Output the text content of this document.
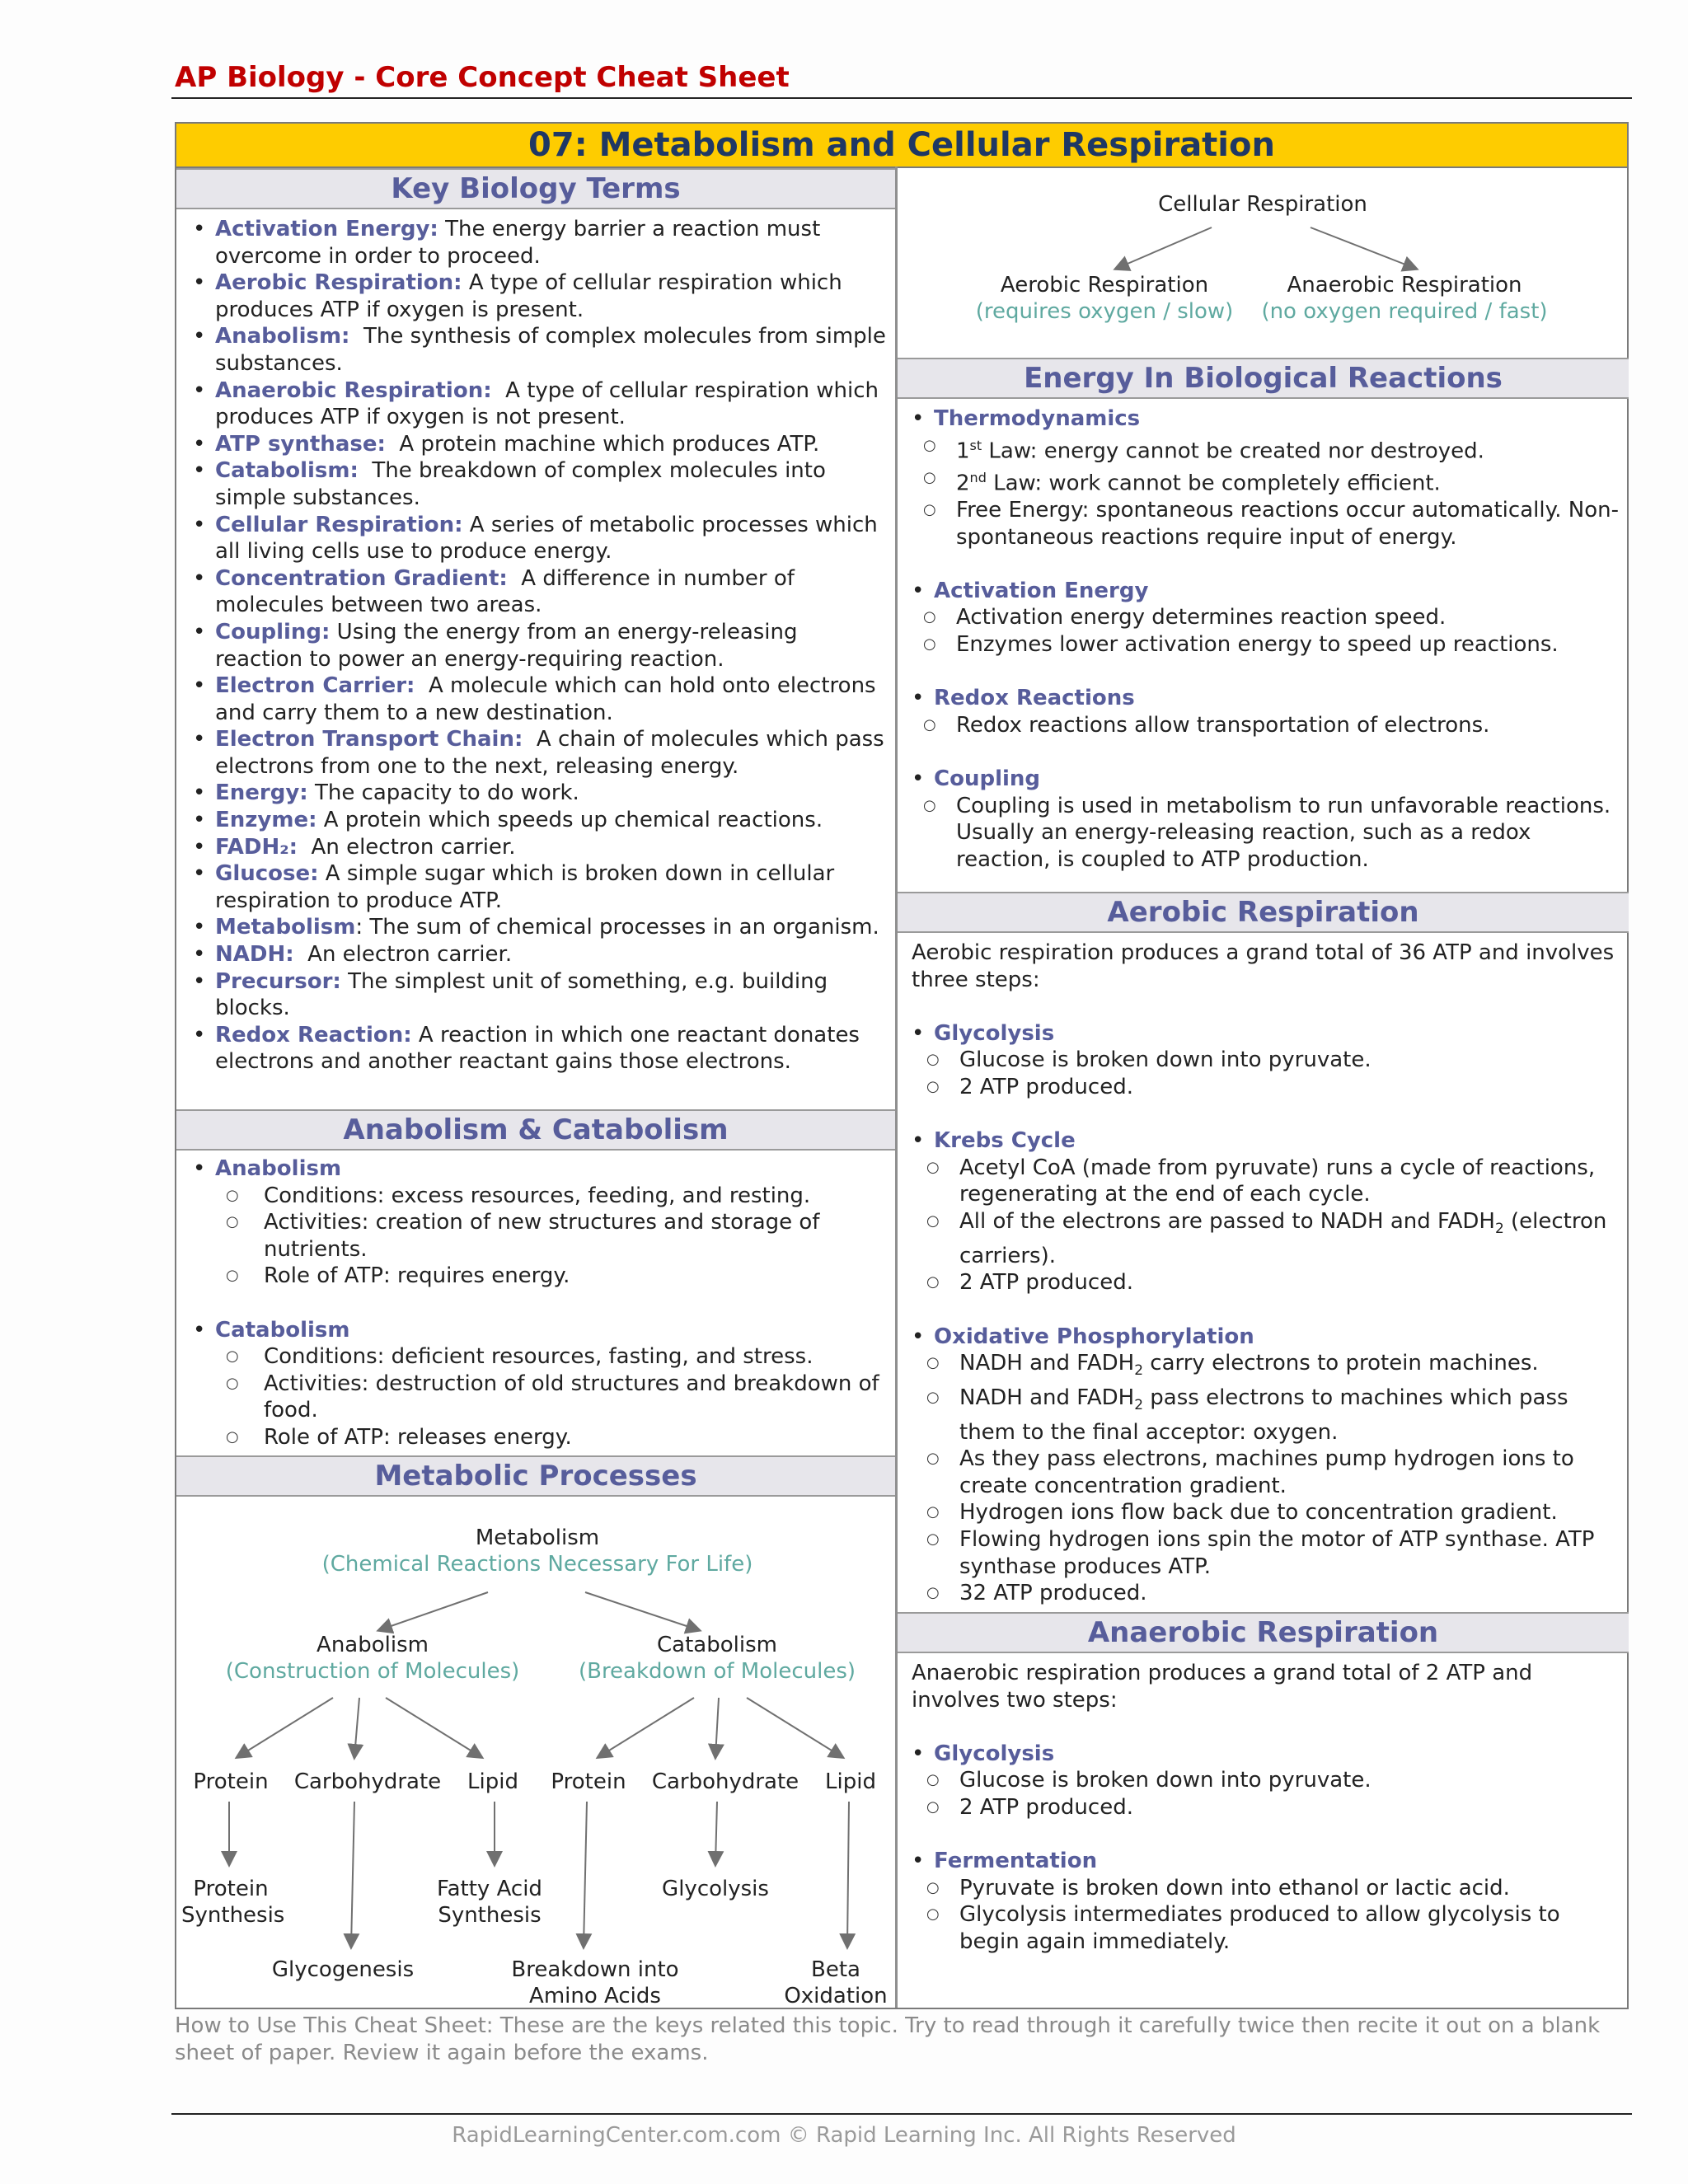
AP Biology - Core Concept Cheat Sheet
07: Metabolism and Cellular Respiration
Key Biology Terms

• Activation Energy: The energy barrier a reaction must overcome in order to proceed.

• Aerobic Respiration: A type of cellular respiration which produces ATP if oxygen is present.

• Anabolism:  The synthesis of complex molecules from simple substances.

• Anaerobic Respiration:  A type of cellular respiration which produces ATP if oxygen is not present.

• ATP synthase:  A protein machine which produces ATP.

• Catabolism:  The breakdown of complex molecules into simple substances.

• Cellular Respiration: A series of metabolic processes which all living cells use to produce energy.

• Concentration Gradient:  A difference in number of molecules between two areas.

• Coupling: Using the energy from an energy-releasing reaction to power an energy-requiring reaction.

• Electron Carrier:  A molecule which can hold onto electrons and carry them to a new destination.

• Electron Transport Chain:  A chain of molecules which pass electrons from one to the next, releasing energy.

• Energy: The capacity to do work.

• Enzyme: A protein which speeds up chemical reactions.

• FADH₂:  An electron carrier.

• Glucose: A simple sugar which is broken down in cellular respiration to produce ATP.

• Metabolism: The sum of chemical processes in an organism.

• NADH:  An electron carrier.

• Precursor: The simplest unit of something, e.g. building blocks.

• Redox Reaction: A reaction in which one reactant donates electrons and another reactant gains those electrons.

Anabolism & Catabolism

• Anabolism

○ Conditions: excess resources, feeding, and resting.

○ Activities: creation of new structures and storage of nutrients.

○ Role of ATP: requires energy.

• Catabolism

○ Conditions: deficient resources, fasting, and stress.

○ Activities: destruction of old structures and breakdown of food.

○ Role of ATP: releases energy.

Metabolic Processes
Metabolism
(Chemical Reactions Necessary For Life)
Anabolism
(Construction of Molecules)
Catabolism
(Breakdown of Molecules)
Protein Carbohydrate Lipid Protein Carbohydrate Lipid
Protein Synthesis
Fatty Acid Synthesis
Glycolysis
Glycogenesis	Breakdown into Amino Acids
Beta Oxidation
Cellular Respiration
Aerobic Respiration
(requires oxygen / slow)
Anaerobic Respiration
(no oxygen required / fast)
Energy In Biological Reactions

• Thermodynamics

○ 1st Law: energy cannot be created nor destroyed.

○ 2nd Law: work cannot be completely efficient.

○ Free Energy: spontaneous reactions occur automatically. Non-spontaneous reactions require input of energy.

• Activation Energy

○ Activation energy determines reaction speed.

○ Enzymes lower activation energy to speed up reactions.

• Redox Reactions

○ Redox reactions allow transportation of electrons.

• Coupling

○ Coupling is used in metabolism to run unfavorable reactions. Usually an energy-releasing reaction, such as a redox reaction, is coupled to ATP production.

Aerobic Respiration

Aerobic respiration produces a grand total of 36 ATP and involves three steps:

• Glycolysis

○ Glucose is broken down into pyruvate.

○ 2 ATP produced.

• Krebs Cycle

○ Acetyl CoA (made from pyruvate) runs a cycle of reactions, regenerating at the end of each cycle.

○ All of the electrons are passed to NADH and $FADH_2$ (electron carriers).

○ 2 ATP produced.

• Oxidative Phosphorylation

○ NADH and $FADH_2$ carry electrons to protein machines.

○ NADH and $FADH_2$ pass electrons to machines which pass them to the final acceptor: oxygen.

○ As they pass electrons, machines pump hydrogen ions to create concentration gradient.

○ Hydrogen ions flow back due to concentration gradient.

○ Flowing hydrogen ions spin the motor of ATP synthase. ATP synthase produces ATP.

○ 32 ATP produced.

Anaerobic Respiration

Anaerobic respiration produces a grand total of 2 ATP and involves two steps:

• Glycolysis

○ Glucose is broken down into pyruvate.

○ 2 ATP produced.

• Fermentation

○ Pyruvate is broken down into ethanol or lactic acid.

○ Glycolysis intermediates produced to allow glycolysis to begin again immediately.

How to Use This Cheat Sheet: These are the keys related this topic. Try to read through it carefully twice then recite it out on a blank sheet of paper. Review it again before the exams.
RapidLearningCenter.com.com © Rapid Learning Inc. All Rights Reserved
